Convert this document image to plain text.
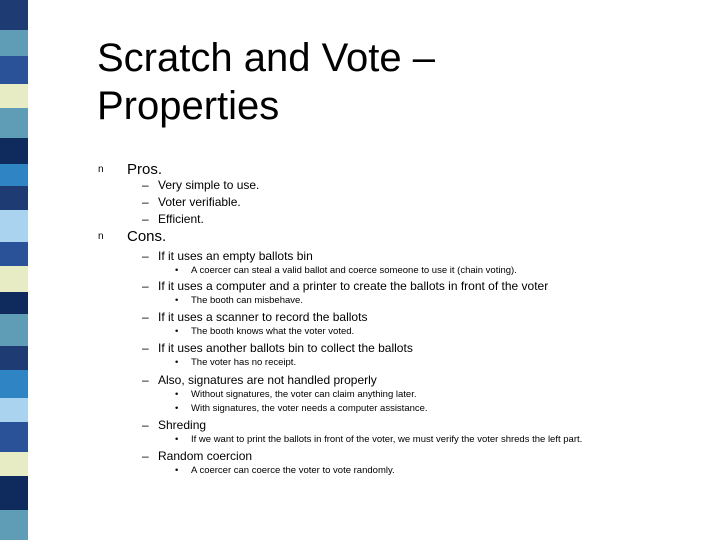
Scratch and Vote –
Properties
n Pros.
– Very simple to use.
– Voter verifiable.
– Efficient.
n Cons.
– If it uses an empty ballots bin
• A coercer can steal a valid ballot and coerce someone to use it (chain voting).
– If it uses a computer and a printer to create the ballots in front of the voter
• The booth can misbehave.
– If it uses a scanner to record the ballots
• The booth knows what the voter voted.
– If it uses another ballots bin to collect the ballots
• The voter has no receipt.
– Also, signatures are not handled properly
• Without signatures, the voter can claim anything later.
• With signatures, the voter needs a computer assistance.
– Shreding
• If we want to print the ballots in front of the voter, we must verify the voter shreds the left part.
– Random coercion
• A coercer can coerce the voter to vote randomly.
